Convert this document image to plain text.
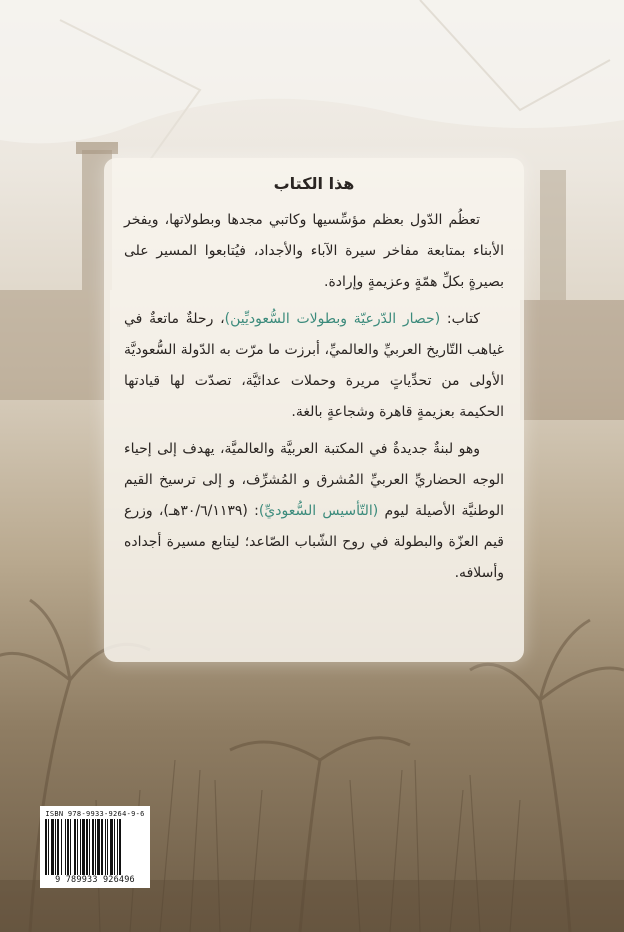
هذا الكتاب

تعظُم الدّول بعظم مؤسِّسيها وكاتبي مجدها وبطولاتها، ويفخر الأبناء بمتابعة مفاخر سيرة الآباء والأجداد، فيُتابعوا المسير على بصيرةٍ بكلِّ همّةٍ وعزيمةٍ وإرادة.

كتاب: (حصار الدّرعيّة وبطولات السُّعوديِّين)، رحلةٌ ماتعةٌ في غياهب التّاريخ العربيِّ والعالميِّ، أبرزت ما مرّت به الدّولة السُّعوديَّة الأولى من تحدِّياتٍ مريرة وحملات عدائيَّة، تصدّت لها قيادتها الحكيمة بعزيمةٍ قاهرة وشجاعةٍ بالغة.

وهو لبنةٌ جديدةٌ في المكتبة العربيَّة والعالميَّة، يهدف إلى إحياء الوجه الحضاريِّ العربيِّ المُشرق و المُشرِّف، و إلى ترسيخ القيم الوطنيَّة الأصيلة ليوم (التّأسيس السُّعوديِّ): (٣٠/٦/١١٣٩هـ)، وزرع قيم العزّة والبطولة في روح الشّباب الصّاعد؛ ليتابع مسيرة أجداده وأسلافه.

ISBN 978-9933-9264-9-6
9 789933 926496
